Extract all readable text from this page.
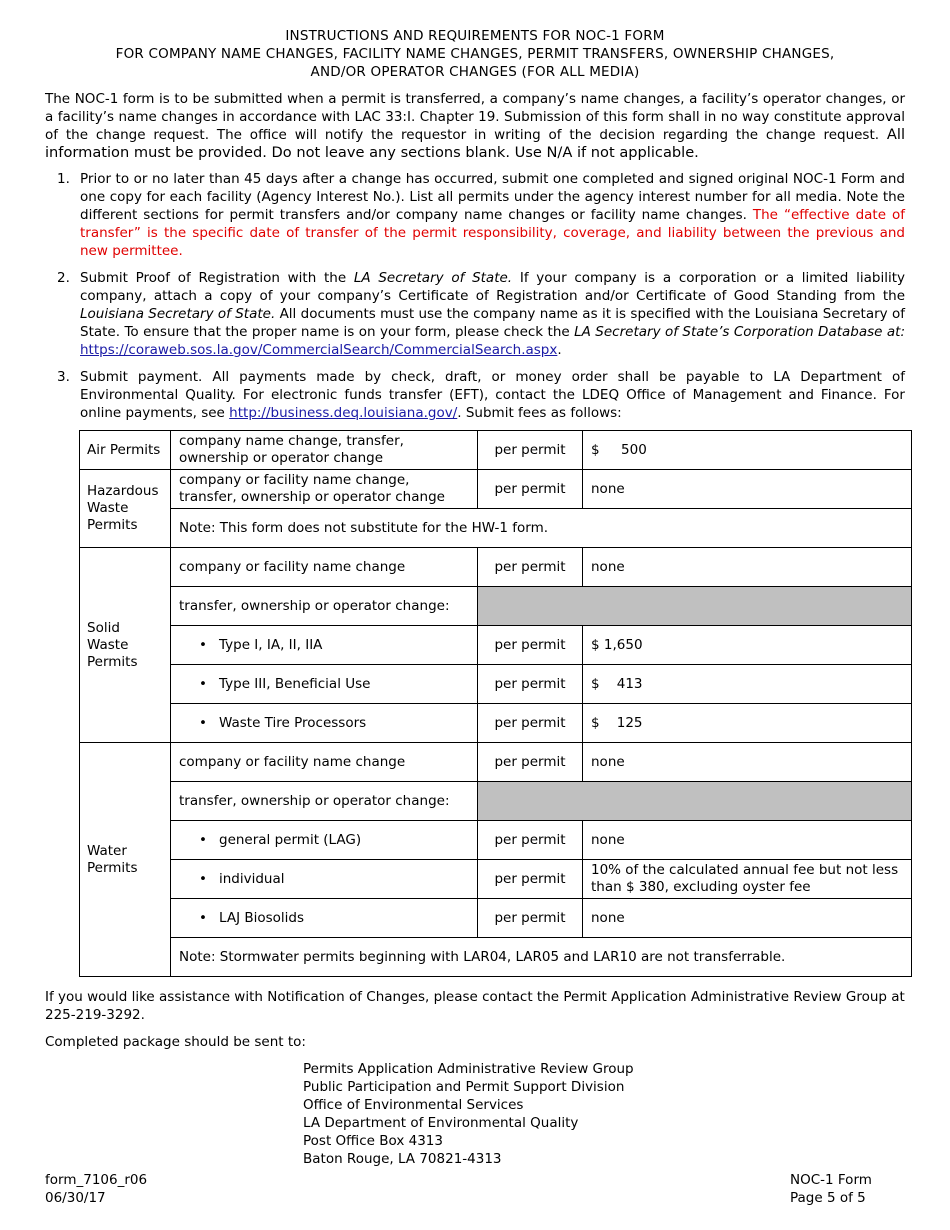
INSTRUCTIONS AND REQUIREMENTS FOR NOC-1 FORM
FOR COMPANY NAME CHANGES, FACILITY NAME CHANGES, PERMIT TRANSFERS, OWNERSHIP CHANGES,
AND/OR OPERATOR CHANGES (FOR ALL MEDIA)
The NOC-1 form is to be submitted when a permit is transferred, a company’s name changes, a facility’s operator changes, or a facility’s name changes in accordance with LAC 33:I. Chapter 19. Submission of this form shall in no way constitute approval of the change request. The office will notify the requestor in writing of the decision regarding the change request. All information must be provided. Do not leave any sections blank. Use N/A if not applicable.
1. Prior to or no later than 45 days after a change has occurred, submit one completed and signed original NOC-1 Form and one copy for each facility (Agency Interest No.). List all permits under the agency interest number for all media. Note the different sections for permit transfers and/or company name changes or facility name changes. The “effective date of transfer” is the specific date of transfer of the permit responsibility, coverage, and liability between the previous and new permittee.
2. Submit Proof of Registration with the LA Secretary of State. If your company is a corporation or a limited liability company, attach a copy of your company’s Certificate of Registration and/or Certificate of Good Standing from the Louisiana Secretary of State. All documents must use the company name as it is specified with the Louisiana Secretary of State. To ensure that the proper name is on your form, please check the LA Secretary of State’s Corporation Database at: https://coraweb.sos.la.gov/CommercialSearch/CommercialSearch.aspx.
3. Submit payment. All payments made by check, draft, or money order shall be payable to LA Department of Environmental Quality. For electronic funds transfer (EFT), contact the LDEQ Office of Management and Finance. For online payments, see http://business.deq.louisiana.gov/. Submit fees as follows:
Air Permits	company name change, transfer, ownership or operator change	per permit	$     500
Hazardous Waste Permits	company or facility name change, transfer, ownership or operator change	per permit	none
	Note: This form does not substitute for the HW-1 form.		
Solid Waste Permits	company or facility name change	per permit	none
	transfer, ownership or operator change:		
	• Type I, IA, II, IIA	per permit	$ 1,650
	• Type III, Beneficial Use	per permit	$    413
	• Waste Tire Processors	per permit	$    125
Water Permits	company or facility name change	per permit	none
	transfer, ownership or operator change:		
	• general permit (LAG)	per permit	none
	• individual	per permit	10% of the calculated annual fee but not less than $ 380, excluding oyster fee
	• LAJ Biosolids	per permit	none
	Note: Stormwater permits beginning with LAR04, LAR05 and LAR10 are not transferrable.		
If you would like assistance with Notification of Changes, please contact the Permit Application Administrative Review Group at 225-219-3292.
Completed package should be sent to:
Permits Application Administrative Review Group
Public Participation and Permit Support Division
Office of Environmental Services
LA Department of Environmental Quality
Post Office Box 4313
Baton Rouge, LA 70821-4313
form_7106_r06
06/30/17
NOC-1 Form
Page 5 of 5
